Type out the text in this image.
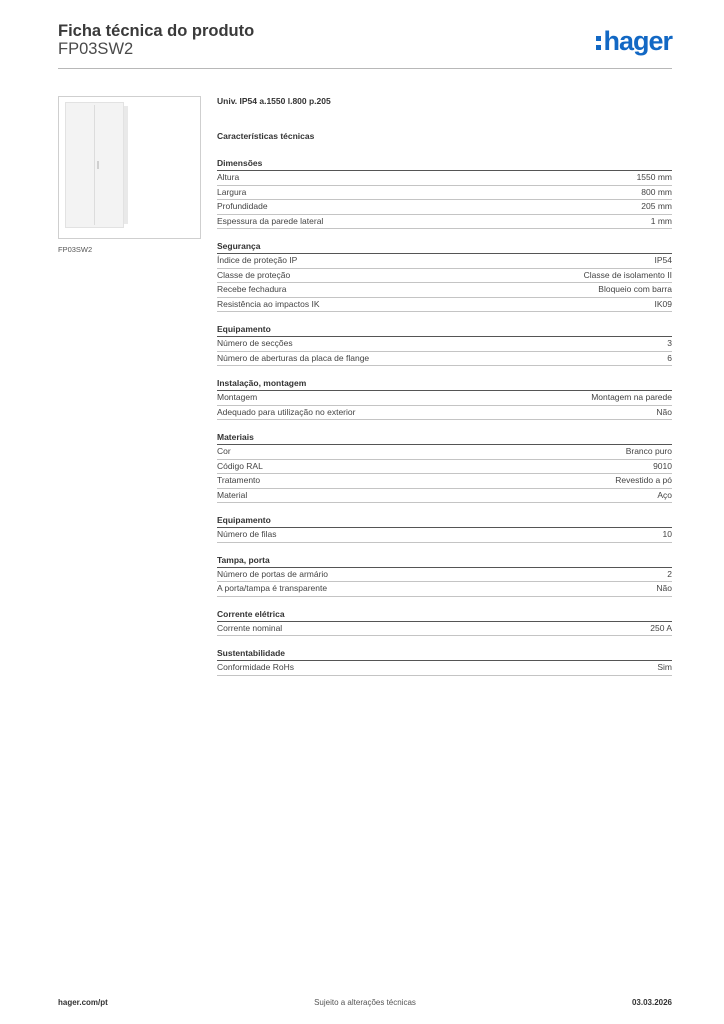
Ficha técnica do produto
FP03SW2	hager
FP03SW2
Univ. IP54 a.1550 l.800 p.205
Características técnicas
Dimensões
Altura	1550 mm
Largura	800 mm
Profundidade	205 mm
Espessura da parede lateral	1 mm
Segurança
Índice de proteção IP	IP54
Classe de proteção	Classe de isolamento II
Recebe fechadura	Bloqueio com barra
Resistência ao impactos IK	IK09
Equipamento
Número de secções	3
Número de aberturas da placa de flange	6
Instalação, montagem
Montagem	Montagem na parede
Adequado para utilização no exterior	Não
Materiais
Cor	Branco puro
Código RAL	9010
Tratamento	Revestido a pó
Material	Aço
Equipamento
Número de filas	10
Tampa, porta
Número de portas de armário	2
A porta/tampa é transparente	Não
Corrente elétrica
Corrente nominal	250 A
Sustentabilidade
Conformidade RoHs	Sim
hager.com/pt	Sujeito a alterações técnicas	03.03.2026
